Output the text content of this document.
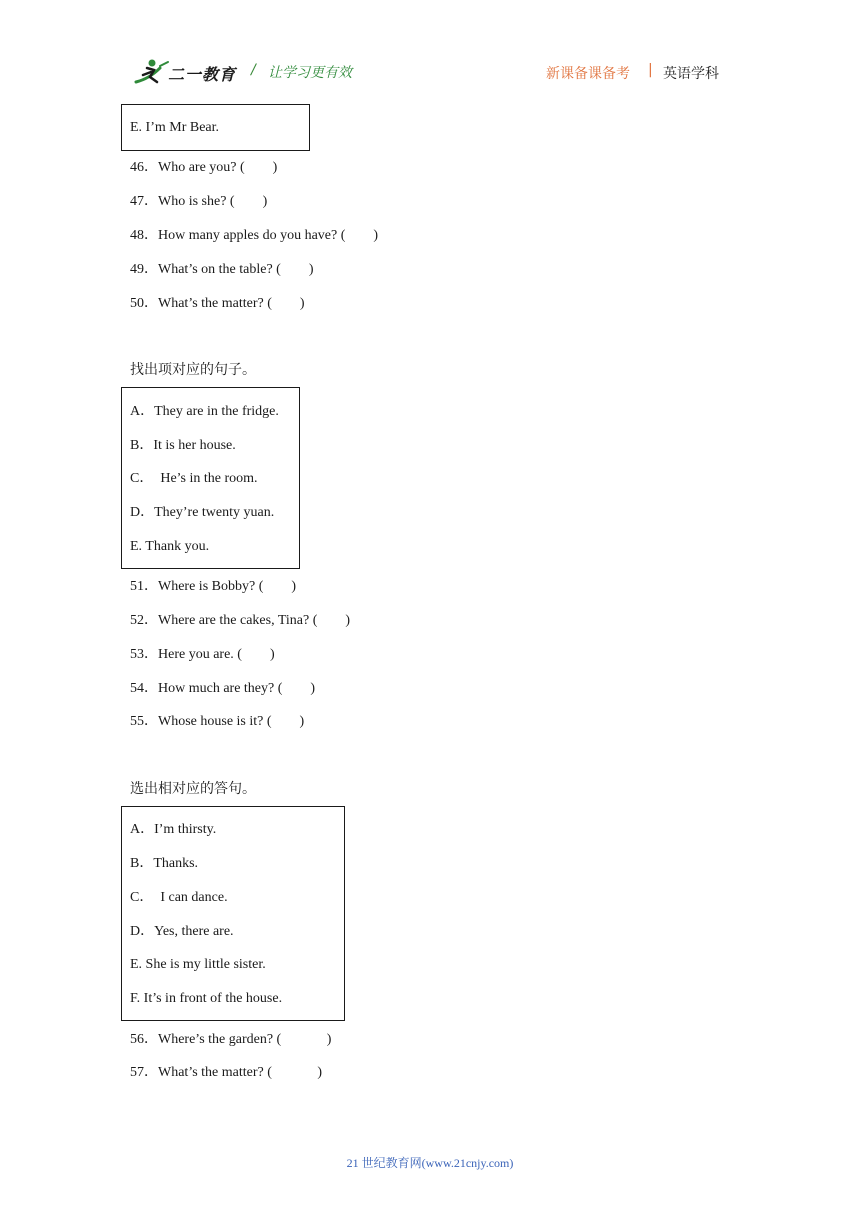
二一教育 / 让学习更有效	新课备课备考 | 英语学科
E. I’m Mr Bear.
46．Who are you? (        )
47．Who is she? (        )
48．How many apples do you have? (        )
49．What’s on the table? (        )
50．What’s the matter? (        )
找出项对应的句子。
A．They are in the fridge.
B．It is her house.
C．  He’s in the room.
D．They’re twenty yuan.
E. Thank you.
51．Where is Bobby? (        )
52．Where are the cakes, Tina? (        )
53．Here you are. (        )
54．How much are they? (        )
55．Whose house is it? (        )
选出相对应的答句。
A．I’m thirsty.
B．Thanks.
C．  I can dance.
D．Yes, there are.
E. She is my little sister.
F. It’s in front of the house.
56．Where’s the garden? (             )
57．What’s the matter? (             )
21 世纪教育网(www.21cnjy.com)
